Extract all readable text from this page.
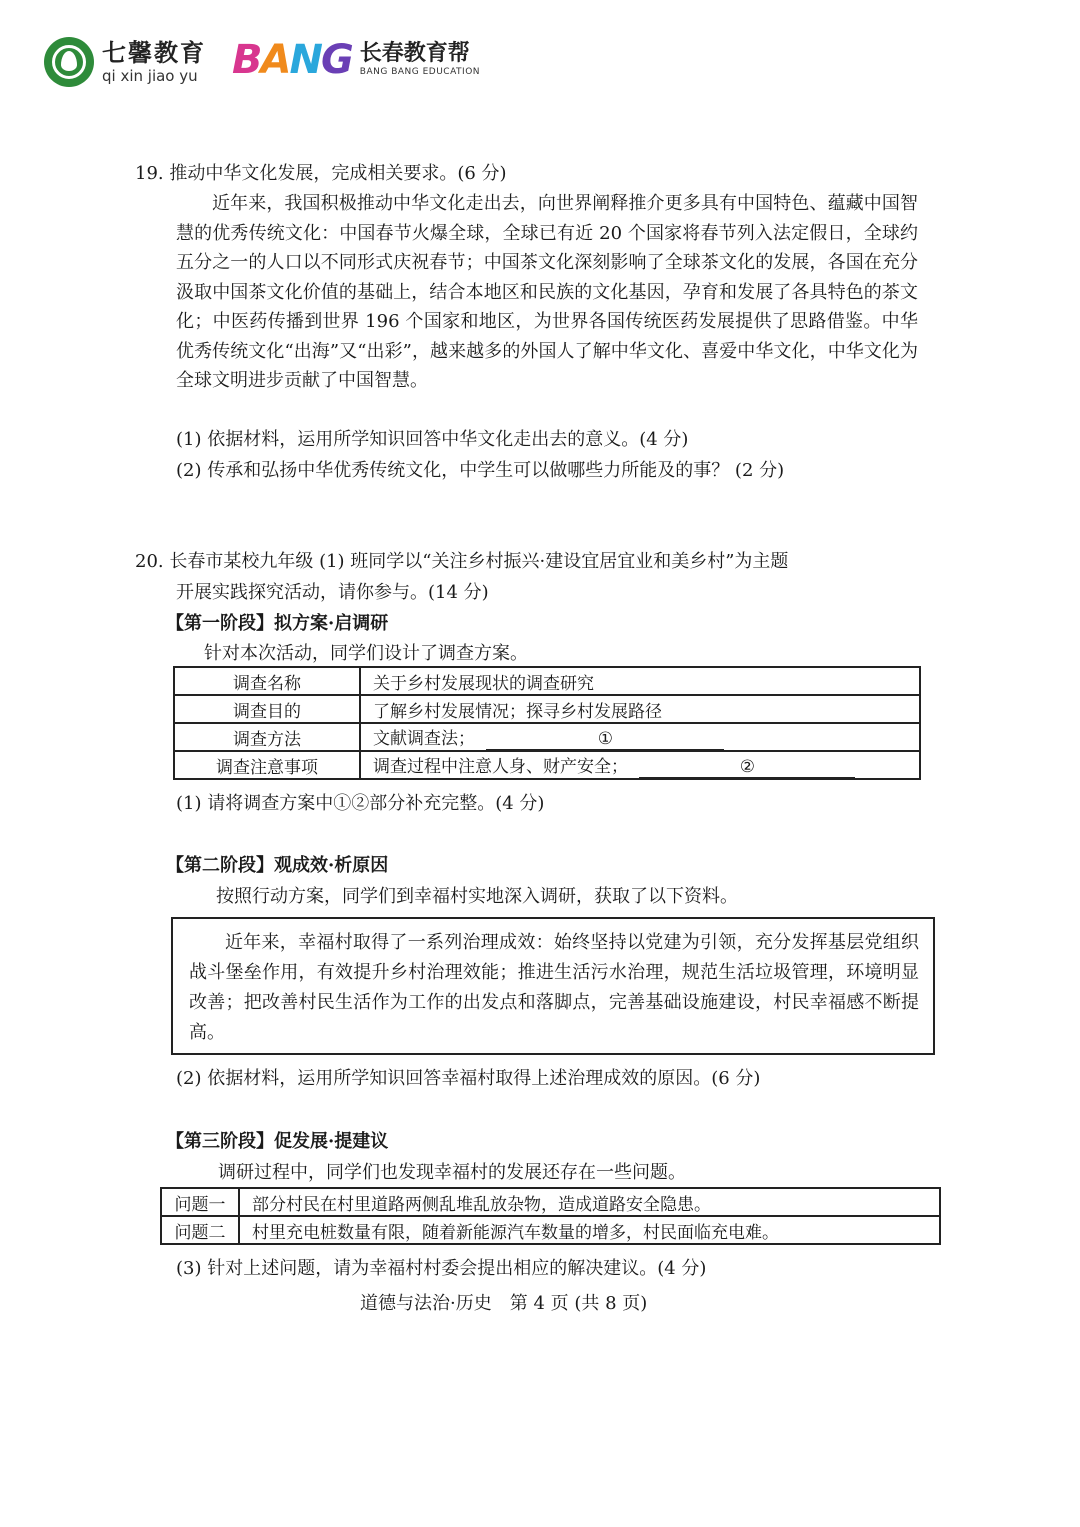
七馨教育
qi xin jiao yu BANG 长春教育帮
BANG BANG EDUCATION
19. 推动中华文化发展，完成相关要求。(6 分)
近年来，我国积极推动中华文化走出去，向世界阐释推介更多具有中国特色、蕴藏中国智慧的优秀传统文化：中国春节火爆全球，全球已有近 20 个国家将春节列入法定假日，全球约五分之一的人口以不同形式庆祝春节；中国茶文化深刻影响了全球茶文化的发展，各国在充分汲取中国茶文化价值的基础上，结合本地区和民族的文化基因，孕育和发展了各具特色的茶文化；中医药传播到世界 196 个国家和地区，为世界各国传统医药发展提供了思路借鉴。中华优秀传统文化“出海”又“出彩”，越来越多的外国人了解中华文化、喜爱中华文化，中华文化为全球文明进步贡献了中国智慧。
(1) 依据材料，运用所学知识回答中华文化走出去的意义。(4 分)
(2) 传承和弘扬中华优秀传统文化，中学生可以做哪些力所能及的事？ (2 分)
20. 长春市某校九年级 (1) 班同学以“关注乡村振兴·建设宜居宜业和美乡村”为主题
开展实践探究活动，请你参与。(14 分)
【第一阶段】拟方案·启调研
针对本次活动，同学们设计了调查方案。
调查名称	关于乡村发展现状的调查研究
调查目的	了解乡村发展情况；探寻乡村发展路径
调查方法	文献调查法； ①
调查注意事项	调查过程中注意人身、财产安全； ②
(1) 请将调查方案中①②部分补充完整。(4 分)
【第二阶段】观成效·析原因
按照行动方案，同学们到幸福村实地深入调研，获取了以下资料。
近年来，幸福村取得了一系列治理成效：始终坚持以党建为引领，充分发挥基层党组织战斗堡垒作用，有效提升乡村治理效能；推进生活污水治理，规范生活垃圾管理，环境明显改善；把改善村民生活作为工作的出发点和落脚点，完善基础设施建设，村民幸福感不断提高。
(2) 依据材料，运用所学知识回答幸福村取得上述治理成效的原因。(6 分)
【第三阶段】促发展·提建议
调研过程中，同学们也发现幸福村的发展还存在一些问题。
问题一	部分村民在村里道路两侧乱堆乱放杂物，造成道路安全隐患。
问题二	村里充电桩数量有限，随着新能源汽车数量的增多，村民面临充电难。
(3) 针对上述问题，请为幸福村村委会提出相应的解决建议。(4 分)
道德与法治·历史　第 4 页 (共 8 页)
